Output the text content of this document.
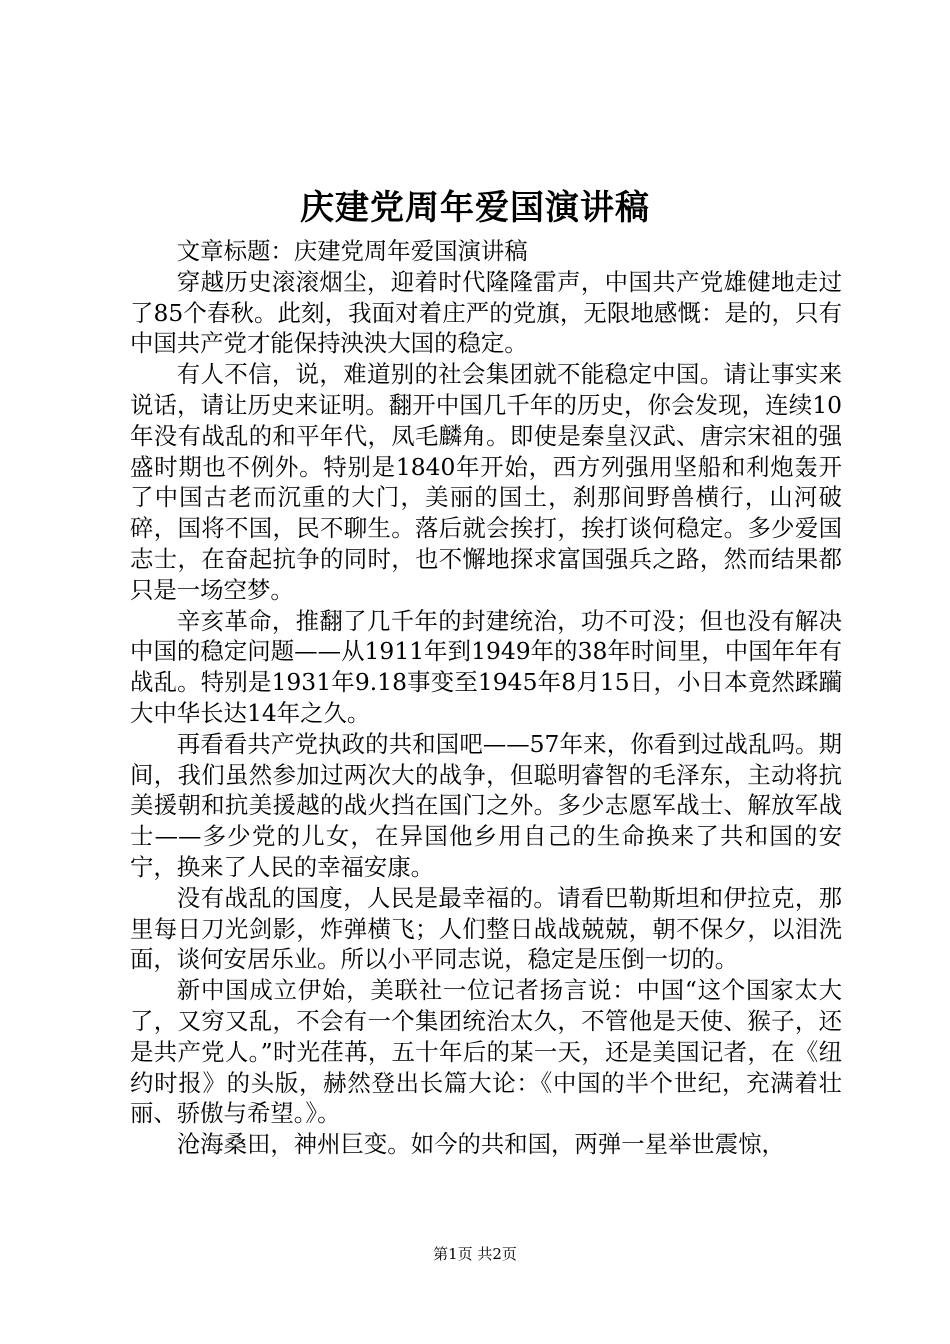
庆建党周年爱国演讲稿

文章标题：庆建党周年爱国演讲稿

穿越历史滚滚烟尘，迎着时代隆隆雷声，中国共产党雄健地走过了85个春秋。此刻，我面对着庄严的党旗，无限地感慨：是的，只有中国共产党才能保持泱泱大国的稳定。

有人不信，说，难道别的社会集团就不能稳定中国。请让事实来说话，请让历史来证明。翻开中国几千年的历史，你会发现，连续10年没有战乱的和平年代，凤毛麟角。即使是秦皇汉武、唐宗宋祖的强盛时期也不例外。特别是1840年开始，西方列强用坚船和利炮轰开了中国古老而沉重的大门，美丽的国土，刹那间野兽横行，山河破碎，国将不国，民不聊生。落后就会挨打，挨打谈何稳定。多少爱国志士，在奋起抗争的同时，也不懈地探求富国强兵之路，然而结果都只是一场空梦。

辛亥革命，推翻了几千年的封建统治，功不可没；但也没有解决中国的稳定问题——从1911年到1949年的38年时间里，中国年年有战乱。特别是1931年9.18事变至1945年8月15日，小日本竟然蹂躏大中华长达14年之久。

再看看共产党执政的共和国吧——57年来，你看到过战乱吗。期间，我们虽然参加过两次大的战争，但聪明睿智的毛泽东，主动将抗美援朝和抗美援越的战火挡在国门之外。多少志愿军战士、解放军战士——多少党的儿女，在异国他乡用自己的生命换来了共和国的安宁，换来了人民的幸福安康。

没有战乱的国度，人民是最幸福的。请看巴勒斯坦和伊拉克，那里每日刀光剑影，炸弹横飞；人们整日战战兢兢，朝不保夕，以泪洗面，谈何安居乐业。所以小平同志说，稳定是压倒一切的。

新中国成立伊始，美联社一位记者扬言说：中国“这个国家太大了，又穷又乱，不会有一个集团统治太久，不管他是天使、猴子，还是共产党人。”时光荏苒，五十年后的某一天，还是美国记者，在《纽约时报》的头版，赫然登出长篇大论：《中国的半个世纪，充满着壮丽、骄傲与希望。》。

沧海桑田，神州巨变。如今的共和国，两弹一星举世震惊，

第1页 共2页
